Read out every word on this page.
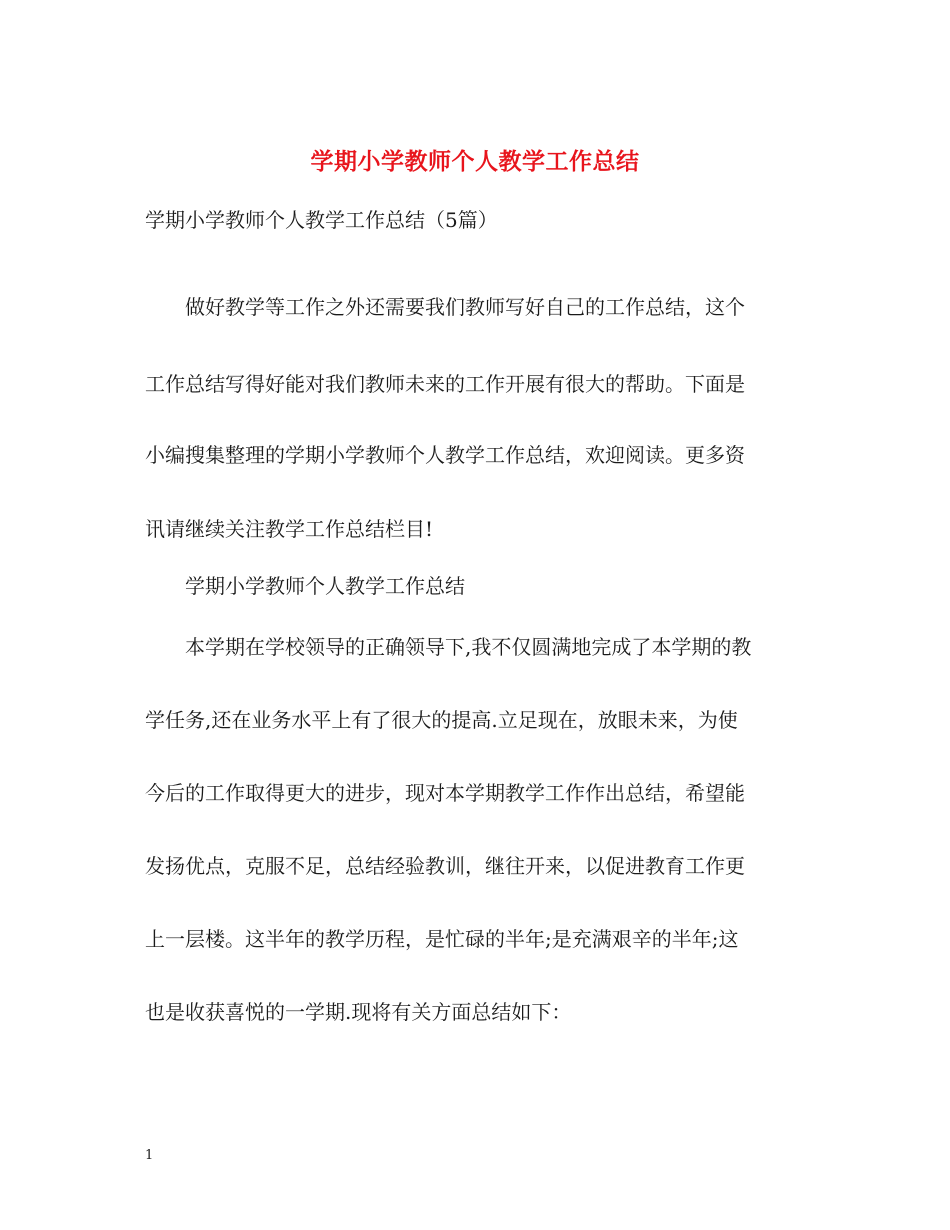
学期小学教师个人教学工作总结
学期小学教师个人教学工作总结（5篇）
做好教学等工作之外还需要我们教师写好自己的工作总结，这个
工作总结写得好能对我们教师未来的工作开展有很大的帮助。下面是
小编搜集整理的学期小学教师个人教学工作总结，欢迎阅读。更多资
讯请继续关注教学工作总结栏目!
学期小学教师个人教学工作总结
本学期在学校领导的正确领导下,我不仅圆满地完成了本学期的教
学任务,还在业务水平上有了很大的提高.立足现在，放眼未来，为使
今后的工作取得更大的进步，现对本学期教学工作作出总结，希望能
发扬优点，克服不足，总结经验教训，继往开来，以促进教育工作更
上一层楼。这半年的教学历程，是忙碌的半年;是充满艰辛的半年;这
也是收获喜悦的一学期.现将有关方面总结如下：
1
